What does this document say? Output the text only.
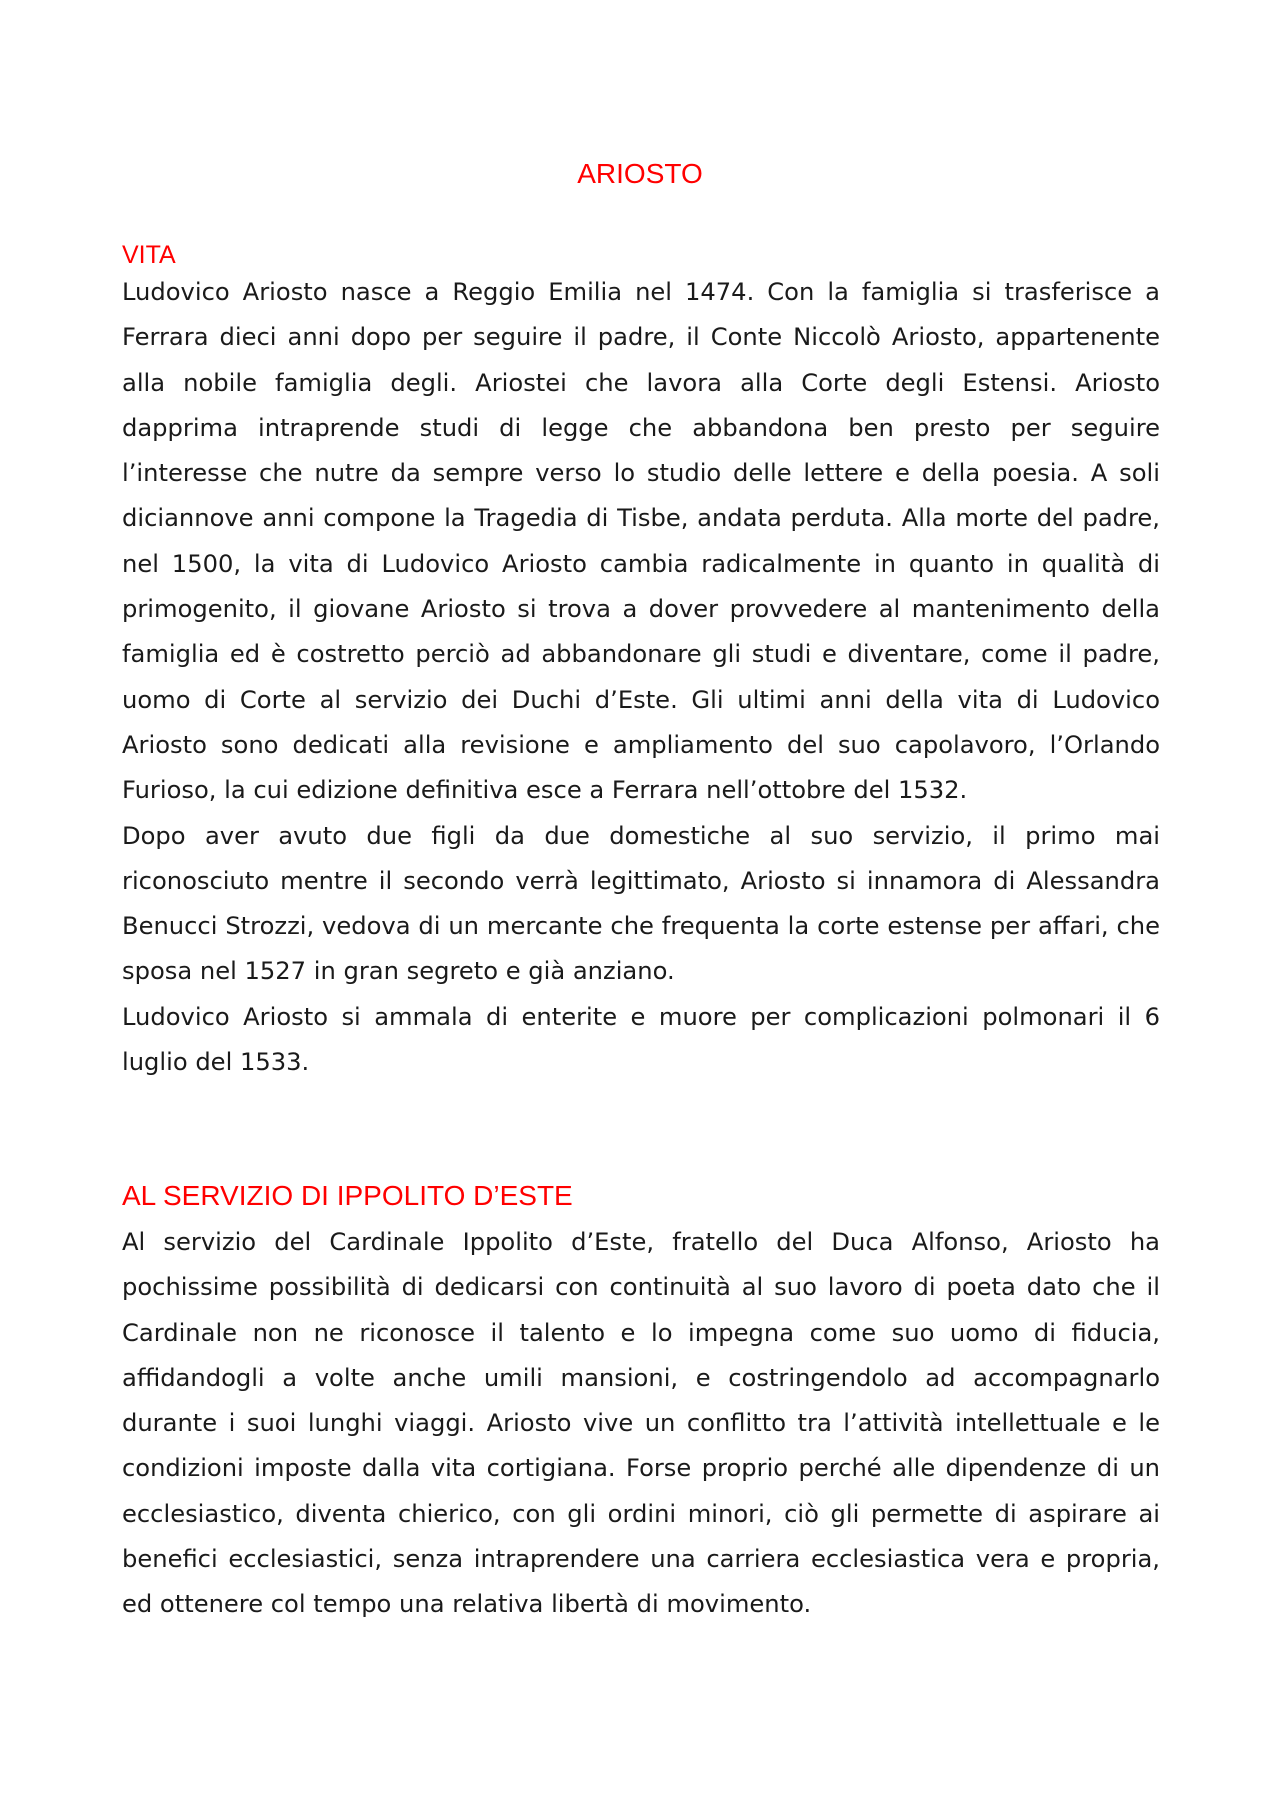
ARIOSTO
VITA
Ludovico Ariosto nasce a Reggio Emilia nel 1474. Con la famiglia si trasferisce a Ferrara dieci anni dopo per seguire il padre, il Conte Niccolò Ariosto, appartenente alla nobile famiglia degli. Ariostei che lavora alla Corte degli Estensi. Ariosto dapprima intraprende studi di legge che abbandona ben presto per seguire l’interesse che nutre da sempre verso lo studio delle lettere e della poesia. A soli diciannove anni compone la Tragedia di Tisbe, andata perduta. Alla morte del padre, nel 1500, la vita di Ludovico Ariosto cambia radicalmente in quanto in qualità di primogenito, il giovane Ariosto si trova a dover provvedere al mantenimento della famiglia ed è costretto perciò ad abbandonare gli studi e diventare, come il padre, uomo di Corte al servizio dei Duchi d’Este. Gli ultimi anni della vita di Ludovico Ariosto sono dedicati alla revisione e ampliamento del suo capolavoro, l’Orlando Furioso, la cui edizione definitiva esce a Ferrara nell’ottobre del 1532.
Dopo aver avuto due figli da due domestiche al suo servizio, il primo mai riconosciuto mentre il secondo verrà legittimato, Ariosto si innamora di Alessandra Benucci Strozzi, vedova di un mercante che frequenta la corte estense per affari, che sposa nel 1527 in gran segreto e già anziano.
Ludovico Ariosto si ammala di enterite e muore per complicazioni polmonari il 6 luglio del 1533.
AL SERVIZIO DI IPPOLITO D’ESTE
Al servizio del Cardinale Ippolito d’Este, fratello del Duca Alfonso, Ariosto ha pochissime possibilità di dedicarsi con continuità al suo lavoro di poeta dato che il Cardinale non ne riconosce il talento e lo impegna come suo uomo di fiducia, affidandogli a volte anche umili mansioni, e costringendolo ad accompagnarlo durante i suoi lunghi viaggi. Ariosto vive un conflitto tra l’attività intellettuale e le condizioni imposte dalla vita cortigiana. Forse proprio perché alle dipendenze di un ecclesiastico, diventa chierico, con gli ordini minori, ciò gli permette di aspirare ai benefici ecclesiastici, senza intraprendere una carriera ecclesiastica vera e propria, ed ottenere col tempo una relativa libertà di movimento.
